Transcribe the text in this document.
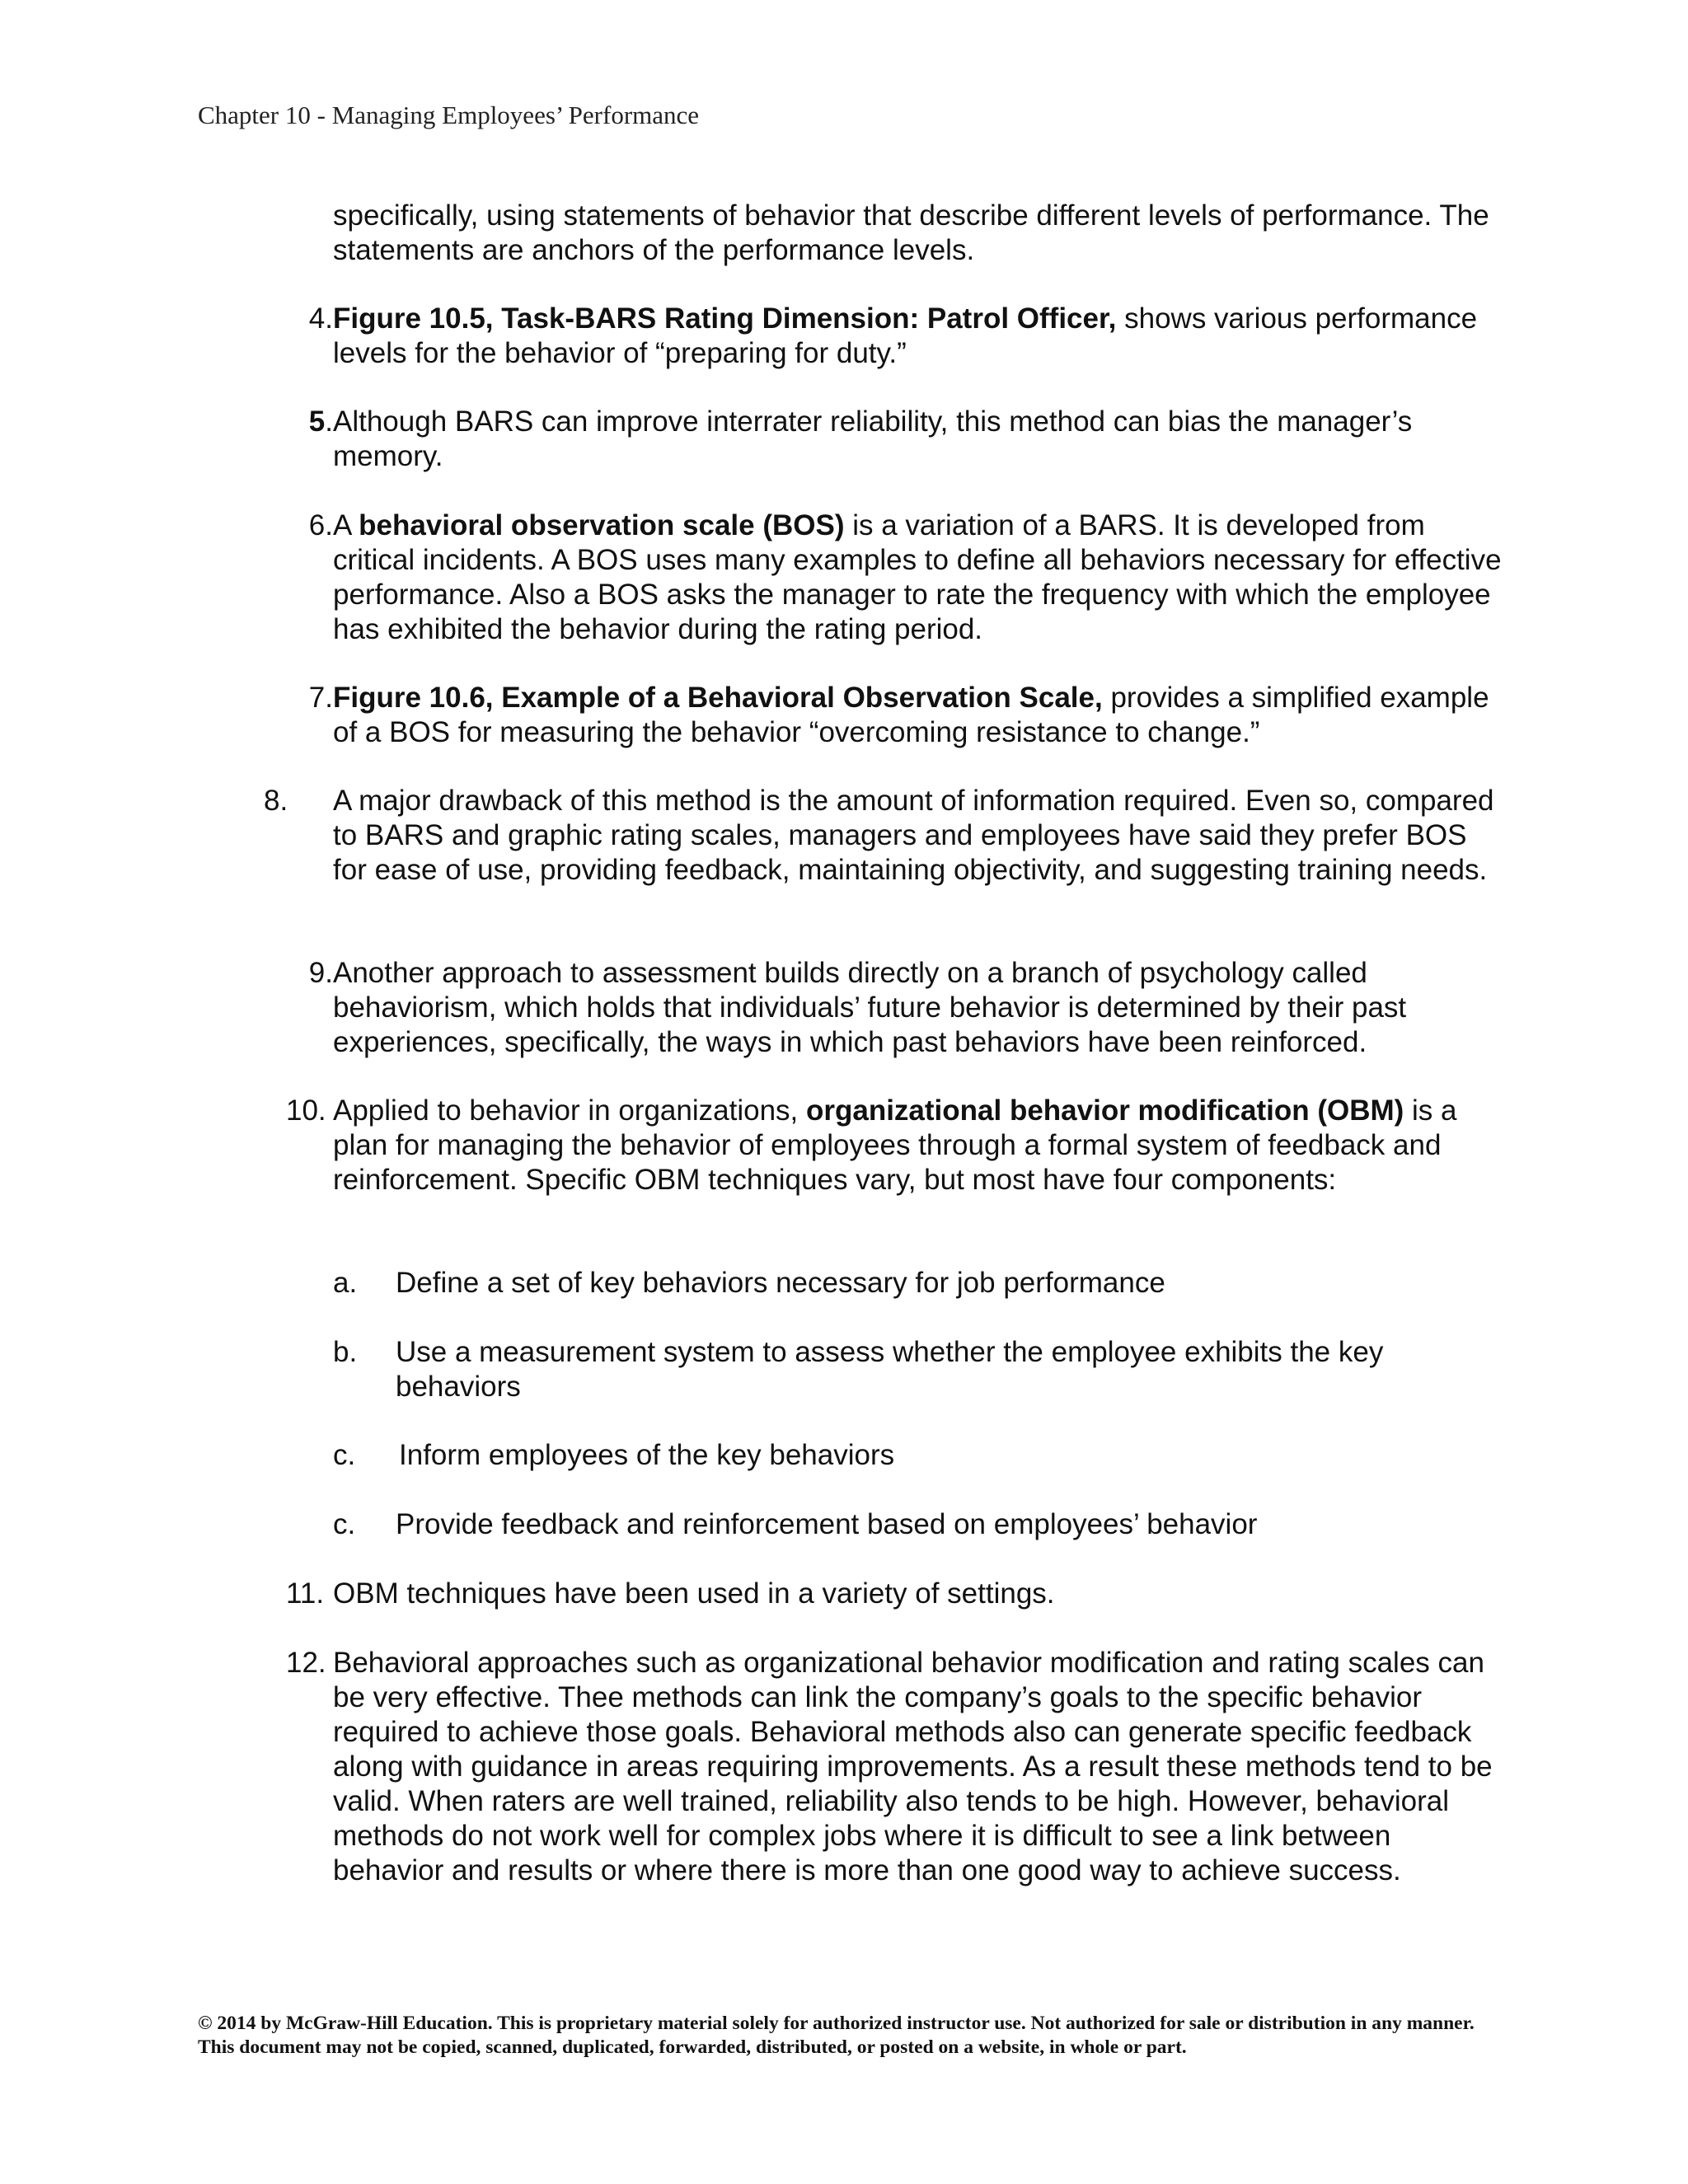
Chapter 10 - Managing Employees’ Performance

specifically, using statements of behavior that describe different levels of performance. The statements are anchors of the performance levels.

4. Figure 10.5, Task-BARS Rating Dimension: Patrol Officer, shows various performance levels for the behavior of “preparing for duty.”
5. Although BARS can improve interrater reliability, this method can bias the manager’s memory.
6. A behavioral observation scale (BOS) is a variation of a BARS. It is developed from critical incidents. A BOS uses many examples to define all behaviors necessary for effective performance. Also a BOS asks the manager to rate the frequency with which the employee has exhibited the behavior during the rating period.
7. Figure 10.6, Example of a Behavioral Observation Scale, provides a simplified example of a BOS for measuring the behavior “overcoming resistance to change.”
8.	A major drawback of this method is the amount of information required. Even so, compared to BARS and graphic rating scales, managers and employees have said they prefer BOS for ease of use, providing feedback, maintaining objectivity, and suggesting training needs.
9. Another approach to assessment builds directly on a branch of psychology called behaviorism, which holds that individuals’ future behavior is determined by their past experiences, specifically, the ways in which past behaviors have been reinforced.
10. Applied to behavior in organizations, organizational behavior modification (OBM) is a plan for managing the behavior of employees through a formal system of feedback and reinforcement. Specific OBM techniques vary, but most have four components:
a.	Define a set of key behaviors necessary for job performance
b.	Use a measurement system to assess whether the employee exhibits the key behaviors
c.	Inform employees of the key behaviors
c.	Provide feedback and reinforcement based on employees’ behavior
11. OBM techniques have been used in a variety of settings.
12. Behavioral approaches such as organizational behavior modification and rating scales can be very effective. Thee methods can link the company’s goals to the specific behavior required to achieve those goals. Behavioral methods also can generate specific feedback along with guidance in areas requiring improvements. As a result these methods tend to be valid. When raters are well trained, reliability also tends to be high. However, behavioral methods do not work well for complex jobs where it is difficult to see a link between behavior and results or where there is more than one good way to achieve success.
© 2014 by McGraw-Hill Education. This is proprietary material solely for authorized instructor use. Not authorized for sale or distribution in any manner. This document may not be copied, scanned, duplicated, forwarded, distributed, or posted on a website, in whole or part.
